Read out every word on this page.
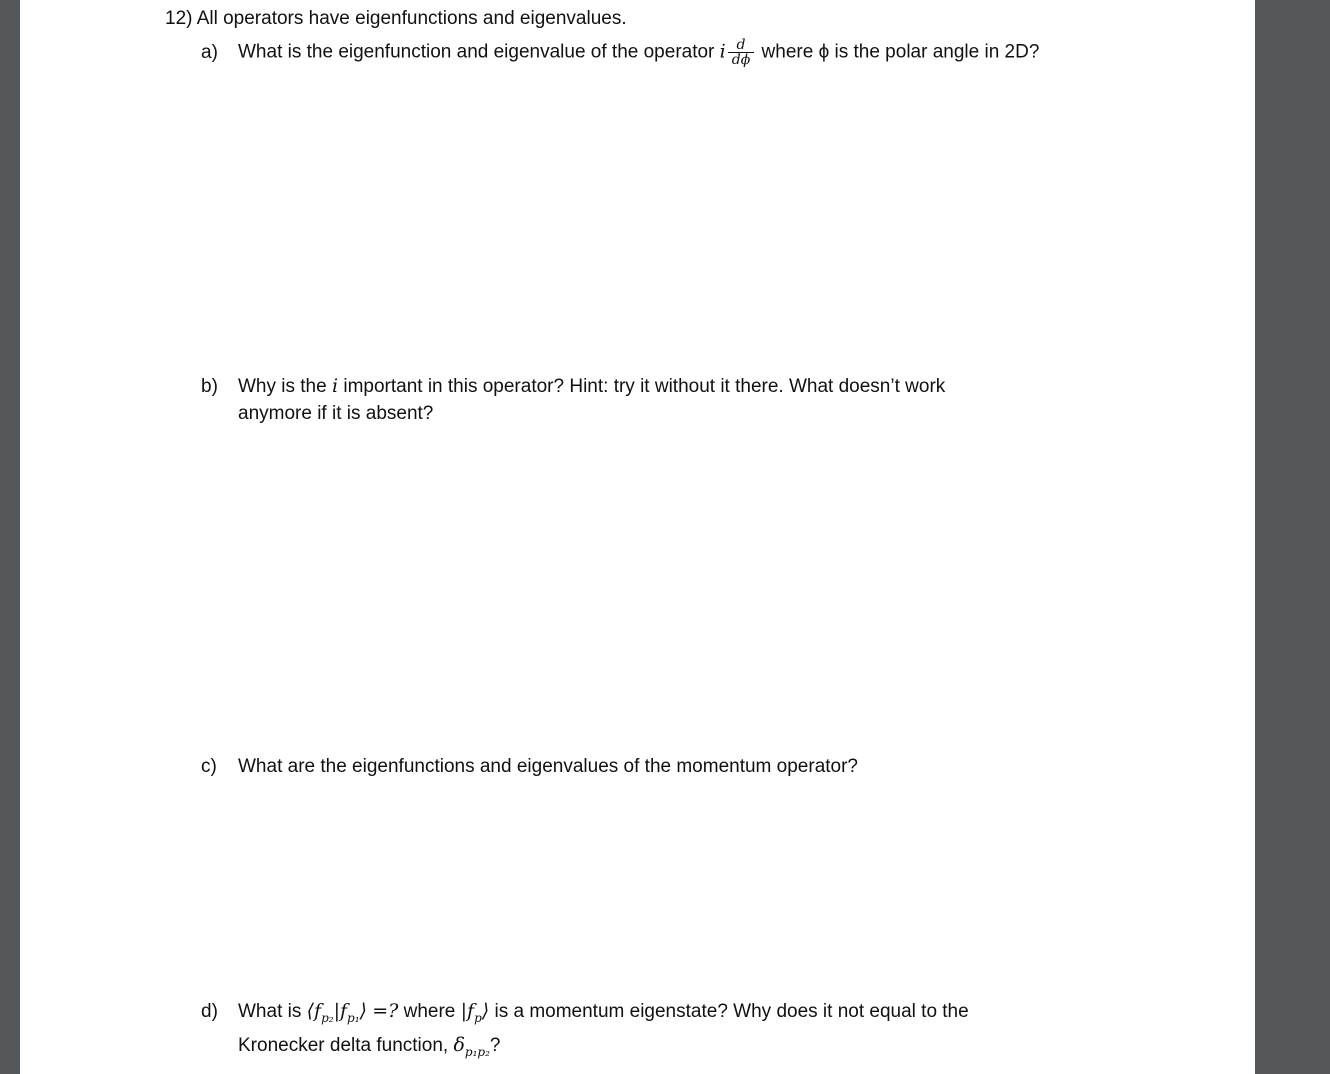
12) All operators have eigenfunctions and eigenvalues.
a) What is the eigenfunction and eigenvalue of the operator i $\frac{d}{d\phi}$ where ϕ is the polar angle in 2D?
b) Why is the i important in this operator? Hint: try it without it there. What doesn’t work
anymore if it is absent?
c) What are the eigenfunctions and eigenvalues of the momentum operator?
d) What is $⟨f_{p_2}|f_{p_1}⟩$ =? where $|f_p⟩$ is a momentum eigenstate? Why does it not equal to the
Kronecker delta function, $\delta_{p_1p_2}$?
